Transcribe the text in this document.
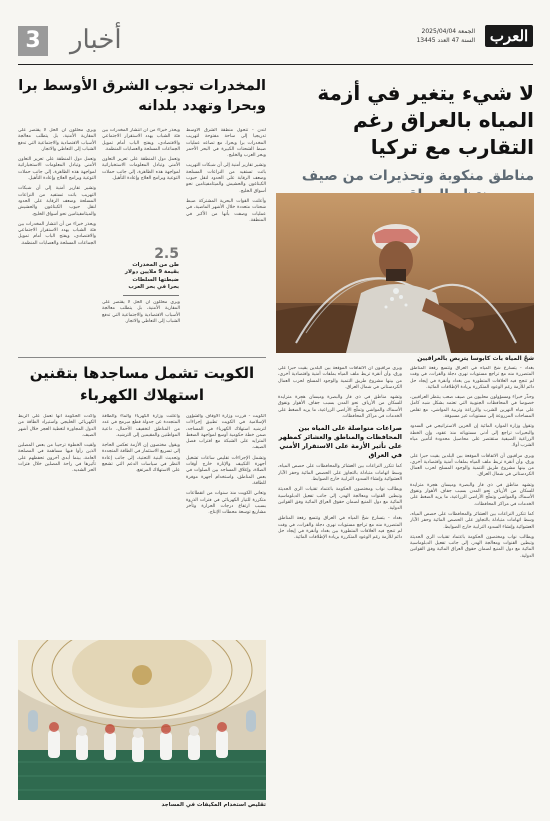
العرب
الجمعة 2025/04/04
السنة 47 العدد 13445
أخبار
3
لا شيء يتغير في أزمة المياه بالعراق رغم التقارب مع تركيا
مناطق منكوبة وتحذيرات من صيف
شحّ المياه بات كابوسا يتربص بالعراقيين

بغداد - يتسارع شحّ المياه في العراق وتتسع رقعة المناطق المتضررة منه مع تراجع مستويات نهري دجلة والفرات، في وقت لم تنجح فيه العلاقات المتطورة بين بغداد وأنقرة في إيجاد حل دائم للأزمة رغم الوعود المتكررة بزيادة الإطلاقات المائية.

وحذّر خبراء ومسؤولون محليون من صيف صعب ينتظر العراقيين، خصوصا في المحافظات الجنوبية التي تعتمد بشكل شبه كامل على مياه النهرين للشرب والزراعة وتربية المواشي، مع تقلص المساحات المزروعة إلى مستويات غير مسبوقة.

وتقول وزارة الموارد المائية إن الخزين الاستراتيجي في السدود والبحيرات تراجع إلى أدنى مستوياته منذ عقود، وإن الخطة الزراعية الصيفية ستقتصر على محاصيل محدودة لتأمين مياه الشرب أولا.

ويرى مراقبون أن الاتفاقات الموقعة بين البلدين بقيت حبرا على ورق، وأن أنقرة تربط ملف المياه بملفات أمنية واقتصادية أخرى، من بينها مشروع طريق التنمية والوجود المسلح لحزب العمال الكردستاني في شمال العراق.

وتشهد مناطق في ذي قار والبصرة وميسان هجرة متزايدة للسكان من الأرياف نحو المدن بسبب جفاف الأهوار ونفوق الأسماك والمواشي وتملّح الأراضي الزراعية، ما يزيد الضغط على الخدمات في مراكز المحافظات.

كما تتكرر النزاعات بين العشائر والمحافظات على حصص المياه، وسط اتهامات متبادلة بالتجاوز على الحصص المائية وحفر الآبار العشوائية وإنشاء السدود الترابية خارج الضوابط.

ويطالب نواب ومختصون الحكومة باعتماد تقنيات الري الحديثة وتبطين القنوات ومعالجة الهدر، إلى جانب تفعيل الدبلوماسية المائية مع دول المنبع لضمان حقوق العراق المائية وفق القوانين الدولية.

ويرى مراقبون أن الاتفاقات الموقعة بين البلدين بقيت حبرا على ورق، وأن أنقرة تربط ملف المياه بملفات أمنية واقتصادية أخرى، من بينها مشروع طريق التنمية والوجود المسلح لحزب العمال الكردستاني في شمال العراق.

وتشهد مناطق في ذي قار والبصرة وميسان هجرة متزايدة للسكان من الأرياف نحو المدن بسبب جفاف الأهوار ونفوق الأسماك والمواشي وتملّح الأراضي الزراعية، ما يزيد الضغط على الخدمات في مراكز المحافظات.

صراعات متواصلة على المياه بين المحافظات والمناطق والعشائر كمظهر على تأثير الأزمة على الاستقرار الأمني في العراق

كما تتكرر النزاعات بين العشائر والمحافظات على حصص المياه، وسط اتهامات متبادلة بالتجاوز على الحصص المائية وحفر الآبار العشوائية وإنشاء السدود الترابية خارج الضوابط.

ويطالب نواب ومختصون الحكومة باعتماد تقنيات الري الحديثة وتبطين القنوات ومعالجة الهدر، إلى جانب تفعيل الدبلوماسية المائية مع دول المنبع لضمان حقوق العراق المائية وفق القوانين الدولية.

بغداد - يتسارع شحّ المياه في العراق وتتسع رقعة المناطق المتضررة منه مع تراجع مستويات نهري دجلة والفرات، في وقت لم تنجح فيه العلاقات المتطورة بين بغداد وأنقرة في إيجاد حل دائم للأزمة رغم الوعود المتكررة بزيادة الإطلاقات المائية.

المخدرات تجوب الشرق الأوسط برا وبحرا وتهدد بلدانه

لندن - تتحول منطقة الشرق الأوسط تدريجيا إلى ساحة مفتوحة لتهريب المخدرات برا وبحرا، مع تصاعد عمليات ضبط الشحنات الكبيرة في البحر الأحمر وبحر العرب والخليج.

وتشير تقارير أمنية إلى أن شبكات التهريب باتت تستفيد من النزاعات المسلحة وضعف الرقابة على الحدود لنقل حبوب الكبتاغون والحشيش والميثامفيتامين نحو أسواق الخليج.

وأعلنت القوات البحرية المشتركة ضبط شحنات متعددة خلال الأشهر الماضية، في عمليات وصفت بأنها من الأكبر في المنطقة.

ويحذر خبراء من أن انتشار المخدرات بين فئة الشباب يهدد الاستقرار الاجتماعي والاقتصادي، ويفتح الباب أمام تمويل الجماعات المسلحة والعصابات المنظمة.

وتعمل دول المنطقة على تعزيز التعاون الأمني وتبادل المعلومات الاستخباراتية لمواجهة هذه الظاهرة، إلى جانب حملات التوعية وبرامج العلاج وإعادة التأهيل.

2.5
طن من المخدرات بقيمة 9 ملايين دولار ضبطتها السلطات بحرا في بحر العرب

ويرى محللون أن الحل لا يقتصر على المقاربة الأمنية، بل يتطلب معالجة الأسباب الاقتصادية والاجتماعية التي تدفع الشباب إلى التعاطي والاتجار.

ويرى محللون أن الحل لا يقتصر على المقاربة الأمنية، بل يتطلب معالجة الأسباب الاقتصادية والاجتماعية التي تدفع الشباب إلى التعاطي والاتجار.

وتعمل دول المنطقة على تعزيز التعاون الأمني وتبادل المعلومات الاستخباراتية لمواجهة هذه الظاهرة، إلى جانب حملات التوعية وبرامج العلاج وإعادة التأهيل.

وتشير تقارير أمنية إلى أن شبكات التهريب باتت تستفيد من النزاعات المسلحة وضعف الرقابة على الحدود لنقل حبوب الكبتاغون والحشيش والميثامفيتامين نحو أسواق الخليج.

ويحذر خبراء من أن انتشار المخدرات بين فئة الشباب يهدد الاستقرار الاجتماعي والاقتصادي، ويفتح الباب أمام تمويل الجماعات المسلحة والعصابات المنظمة.

الكويت تشمل مساجدها بتقنين استهلاك الكهرباء

الكويت - قررت وزارة الأوقاف والشؤون الإسلامية في الكويت تطبيق إجراءات لترشيد استهلاك الكهرباء في المساجد، ضمن خطة حكومية أوسع لمواجهة الضغط المتزايد على الشبكة مع اقتراب فصل الصيف.

وتشمل الإجراءات تقليص ساعات تشغيل أجهزة التكييف والإنارة خارج أوقات الصلاة، وإغلاق المساجد بين الصلوات في بعض المناطق، واستخدام أجهزة موفرة للطاقة.

وتعاني الكويت منذ سنوات من انقطاعات متكررة للتيار الكهربائي في فترات الذروة بسبب ارتفاع درجات الحرارة وتأخر مشاريع توسعة محطات الإنتاج.

وأعلنت وزارة الكهرباء والماء والطاقة المتجددة عن جدولة قطع مبرمج في عدد من المناطق لتخفيف الأحمال، داعية المواطنين والمقيمين إلى الترشيد.

ويقول مختصون إن الأزمة تعكس الحاجة إلى تسريع الاستثمار في الطاقة المتجددة وتحديث البنية التحتية، إلى جانب إعادة النظر في سياسات الدعم التي تشجع على الاستهلاك المرتفع.

وأكدت الحكومة أنها تعمل على الربط الكهربائي الخليجي واستيراد الطاقة من الدول المجاورة لتغطية العجز خلال أشهر الصيف.

ولقيت الخطوة ترحيبا من بعض المصلين الذين رأوا فيها مساهمة في المصلحة العامة، بينما أبدى آخرون تحفظهم على تأثيرها في راحة المصلين خلال فترات الحر الشديد.

تقليص استخدام المكيفات في المساجد
